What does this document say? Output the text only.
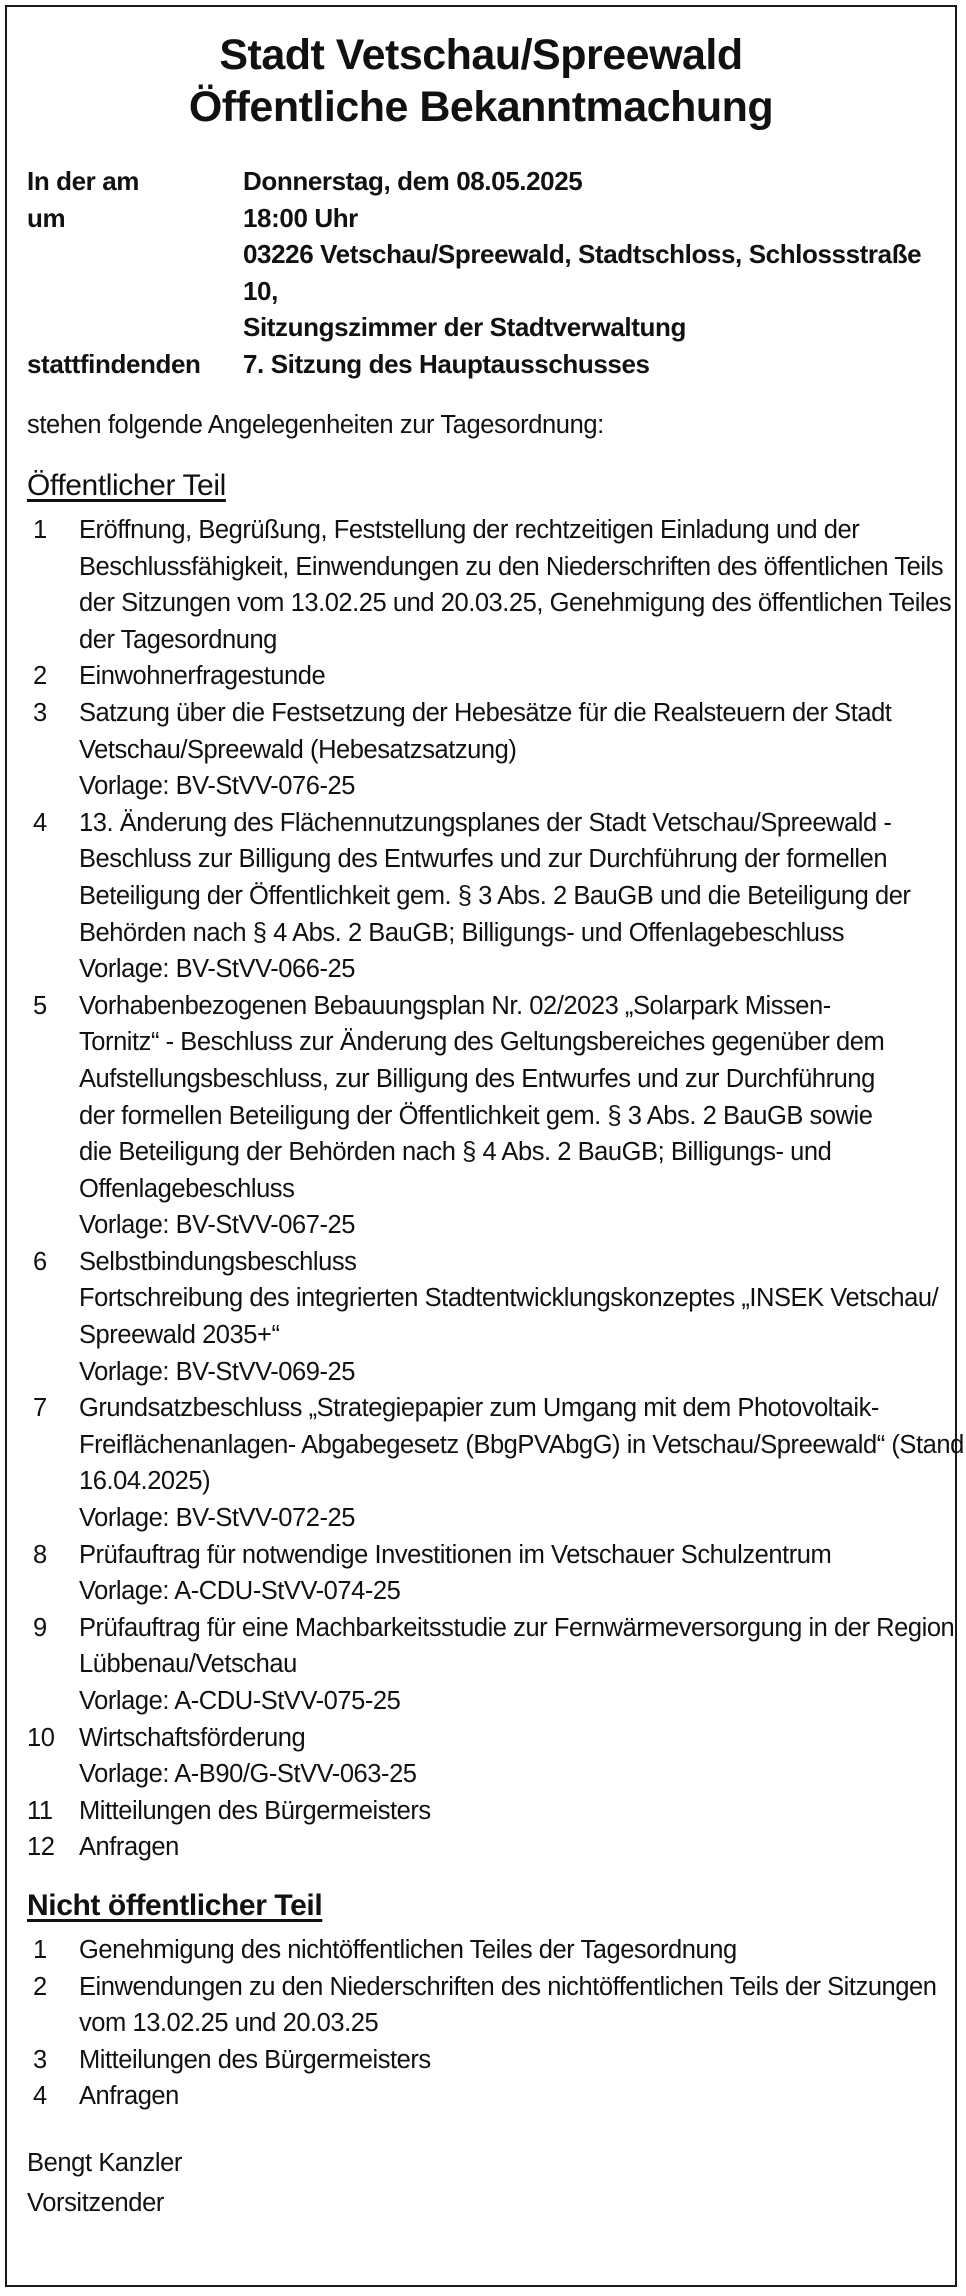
Stadt Vetschau/Spreewald
Öffentliche Bekanntmachung
In der am	Donnerstag, dem 08.05.2025
um	18:00 Uhr
03226 Vetschau/Spreewald, Stadtschloss, Schlossstraße 10,
Sitzungszimmer der Stadtverwaltung
stattfindenden	7. Sitzung des Hauptausschusses
stehen folgende Angelegenheiten zur Tagesordnung:
Öffentlicher Teil
1	Eröffnung, Begrüßung, Feststellung der rechtzeitigen Einladung und der
Beschlussfähigkeit, Einwendungen zu den Niederschriften des öffentlichen Teils
der Sitzungen vom 13.02.25 und 20.03.25, Genehmigung des öffentlichen Teiles
der Tagesordnung
2	Einwohnerfragestunde
3	Satzung über die Festsetzung der Hebesätze für die Realsteuern der Stadt
Vetschau/Spreewald (Hebesatzsatzung)
Vorlage: BV-StVV-076-25
4	13. Änderung des Flächennutzungsplanes der Stadt Vetschau/Spreewald -
Beschluss zur Billigung des Entwurfes und zur Durchführung der formellen
Beteiligung der Öffentlichkeit gem. § 3 Abs. 2 BauGB und die Beteiligung der
Behörden nach § 4 Abs. 2 BauGB; Billigungs- und Offenlagebeschluss
Vorlage: BV-StVV-066-25
5	Vorhabenbezogenen Bebauungsplan Nr. 02/2023 „Solarpark Missen-
Tornitz“ - Beschluss zur Änderung des Geltungsbereiches gegenüber dem
Aufstellungsbeschluss, zur Billigung des Entwurfes und zur Durchführung
der formellen Beteiligung der Öffentlichkeit gem. § 3 Abs. 2 BauGB sowie
die Beteiligung der Behörden nach § 4 Abs. 2 BauGB; Billigungs- und
Offenlagebeschluss
Vorlage: BV-StVV-067-25
6	Selbstbindungsbeschluss
Fortschreibung des integrierten Stadtentwicklungskonzeptes „INSEK Vetschau/
Spreewald 2035+“
Vorlage: BV-StVV-069-25
7	Grundsatzbeschluss „Strategiepapier zum Umgang mit dem Photovoltaik-
Freiflächenanlagen- Abgabegesetz (BbgPVAbgG) in Vetschau/Spreewald“ (Stand
16.04.2025)
Vorlage: BV-StVV-072-25
8	Prüfauftrag für notwendige Investitionen im Vetschauer Schulzentrum
Vorlage: A-CDU-StVV-074-25
9	Prüfauftrag für eine Machbarkeitsstudie zur Fernwärmeversorgung in der Region
Lübbenau/Vetschau
Vorlage: A-CDU-StVV-075-25
10 Wirtschaftsförderung
Vorlage: A-B90/G-StVV-063-25
11	Mitteilungen des Bürgermeisters
12 Anfragen
Nicht öffentlicher Teil
1	Genehmigung des nichtöffentlichen Teiles der Tagesordnung
2	Einwendungen zu den Niederschriften des nichtöffentlichen Teils der Sitzungen
vom 13.02.25 und 20.03.25
3	Mitteilungen des Bürgermeisters
4	Anfragen
Bengt Kanzler
Vorsitzender
